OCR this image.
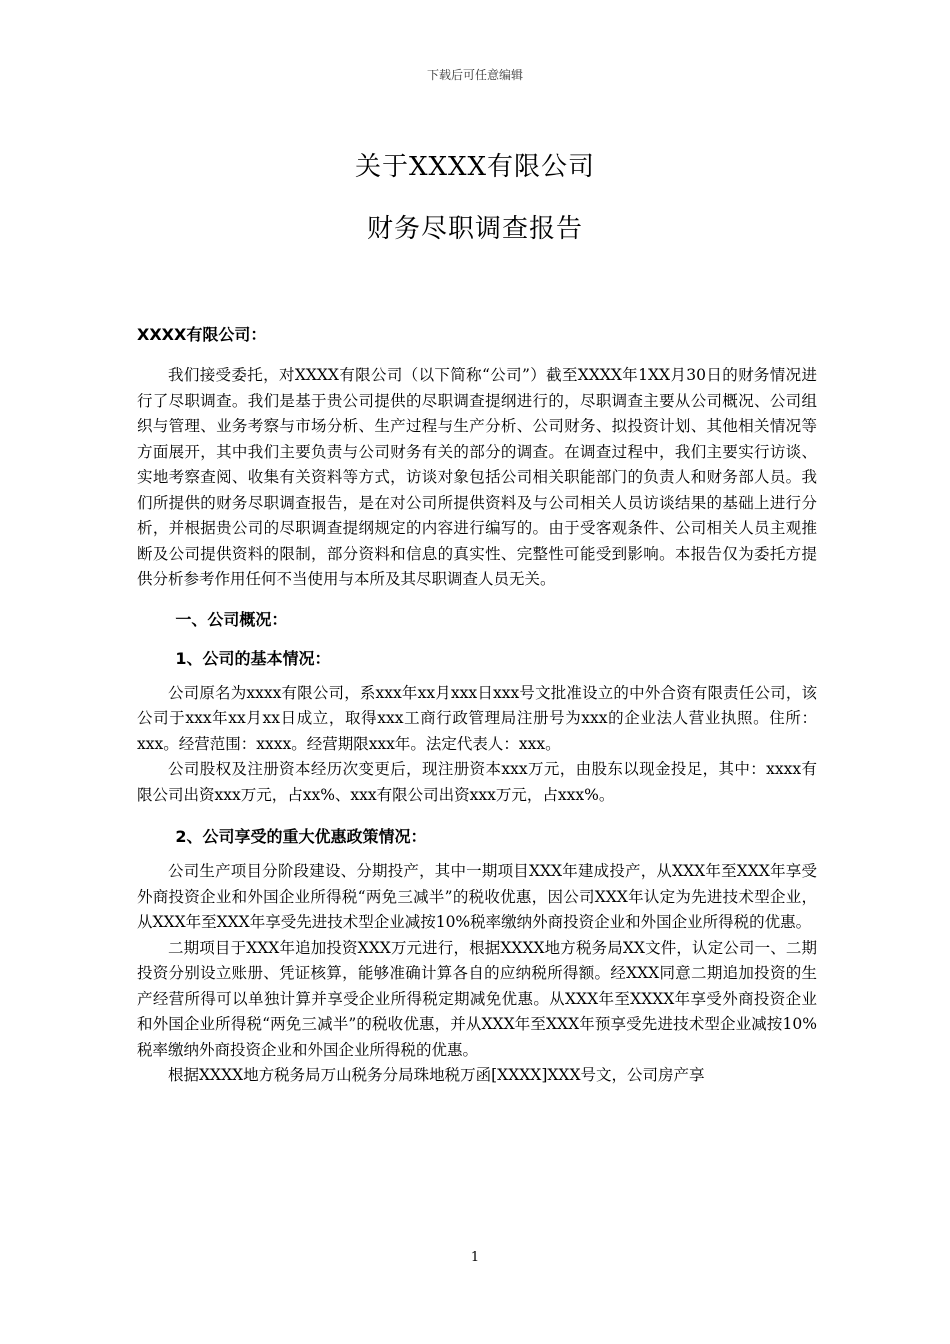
下载后可任意编辑
关于XXXX有限公司
财务尽职调查报告
XXXX有限公司：

我们接受委托，对XXXX有限公司（以下简称“公司”）截至XXXX年1XX月30日的财务情况进行了尽职调查。我们是基于贵公司提供的尽职调查提纲进行的，尽职调查主要从公司概况、公司组织与管理、业务考察与市场分析、生产过程与生产分析、公司财务、拟投资计划、其他相关情况等方面展开，其中我们主要负责与公司财务有关的部分的调查。在调查过程中，我们主要实行访谈、实地考察查阅、收集有关资料等方式，访谈对象包括公司相关职能部门的负责人和财务部人员。我们所提供的财务尽职调查报告，是在对公司所提供资料及与公司相关人员访谈结果的基础上进行分析，并根据贵公司的尽职调查提纲规定的内容进行编写的。由于受客观条件、公司相关人员主观推断及公司提供资料的限制，部分资料和信息的真实性、完整性可能受到影响。本报告仅为委托方提供分析参考作用任何不当使用与本所及其尽职调查人员无关。

一、公司概况：
1、公司的基本情况：

公司原名为xxxx有限公司，系xxx年xx月xxx日xxx号文批准设立的中外合资有限责任公司，该公司于xxx年xx月xx日成立，取得xxx工商行政管理局注册号为xxx的企业法人营业执照。住所：xxx。经营范围：xxxx。经营期限xxx年。法定代表人：xxx。

公司股权及注册资本经历次变更后，现注册资本xxx万元，由股东以现金投足，其中：xxxx有限公司出资xxx万元，占xx%、xxx有限公司出资xxx万元，占xxx%。

2、公司享受的重大优惠政策情况：

公司生产项目分阶段建设、分期投产，其中一期项目XXX年建成投产，从XXX年至XXX年享受外商投资企业和外国企业所得税“两免三减半”的税收优惠，因公司XXX年认定为先进技术型企业，从XXX年至XXX年享受先进技术型企业减按10%税率缴纳外商投资企业和外国企业所得税的优惠。

二期项目于XXX年追加投资XXX万元进行，根据XXXX地方税务局XX文件，认定公司一、二期投资分别设立账册、凭证核算，能够准确计算各自的应纳税所得额。经XXX同意二期追加投资的生产经营所得可以单独计算并享受企业所得税定期减免优惠。从XXX年至XXXX年享受外商投资企业和外国企业所得税“两免三减半”的税收优惠，并从XXX年至XXX年预享受先进技术型企业减按10%税率缴纳外商投资企业和外国企业所得税的优惠。

根据XXXX地方税务局万山税务分局珠地税万函[XXXX]XXX号文，公司房产享

1
